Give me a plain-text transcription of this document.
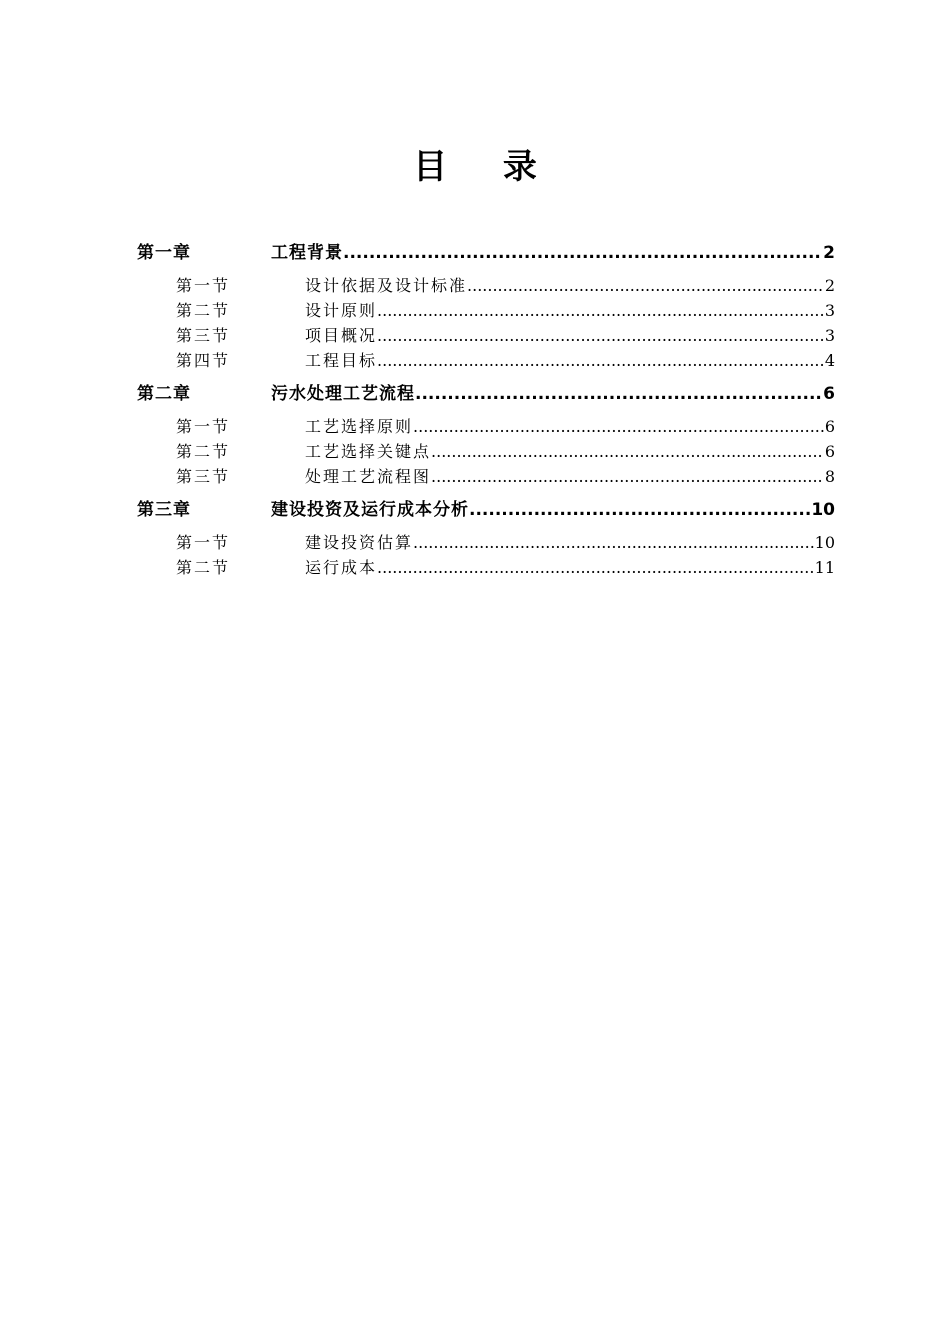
目 录
第一章	工程背景 .....	2
第一节	设计依据及设计标准 .....	2
第二节	设计原则 .....	3
第三节	项目概况 .....	3
第四节	工程目标 .....	4
第二章	污水处理工艺流程 .....	6
第一节	工艺选择原则 .....	6
第二节	工艺选择关键点 .....	6
第三节	处理工艺流程图 .....	8
第三章	建设投资及运行成本分析 .....	10
第一节	建设投资估算 .....	10
第二节	运行成本 .....	11
